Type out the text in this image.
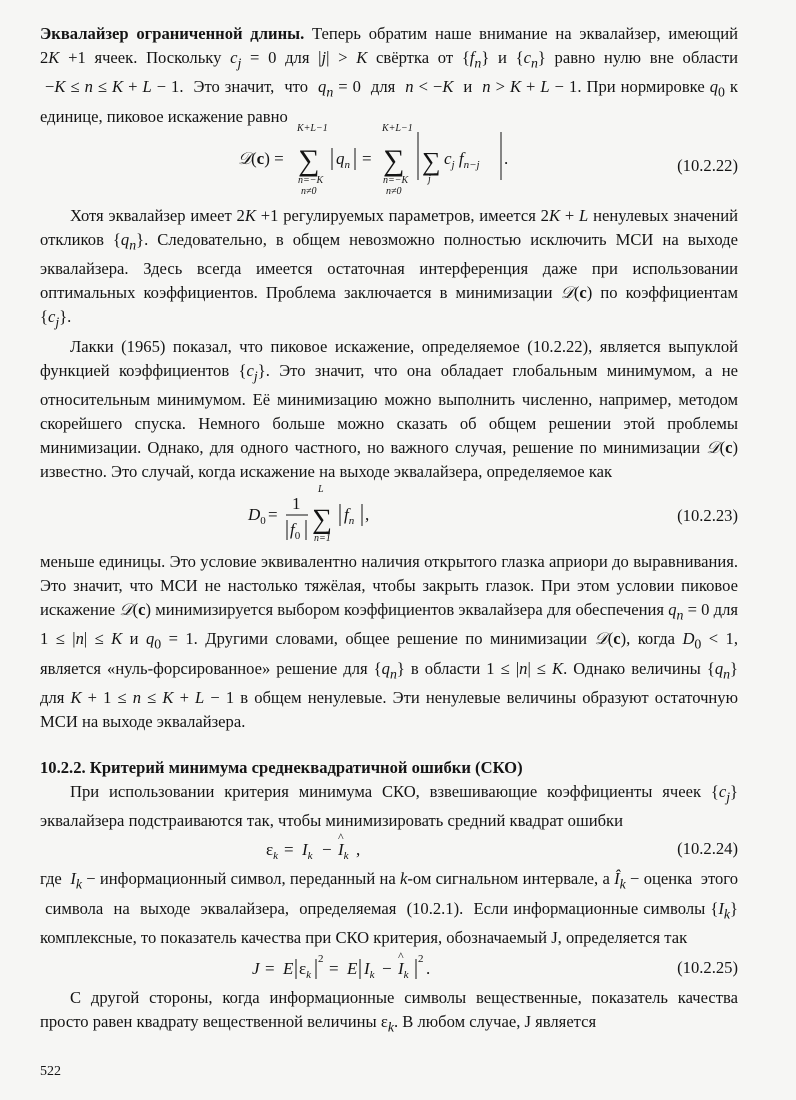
Эквалайзер ограниченной длины. Теперь обратим наше внимание на эквалайзер, имеющий 2K +1 ячеек. Поскольку $c_j = 0$ для |j| > K свёртка от $\{f_n\}$ и $\{c_n\}$ равно нулю вне области  −K ≤ n ≤ K + L − 1.  Это значит,  что  $q_n = 0$  для  n < −K  и  n > K + L − 1. При нормировке $q_0$ к единице, пиковое искажение равно

𝒟 (c) =
K+L−1
∑
n=−K
n≠0
$q_n$ =
K+L−1
∑
n=−K
n≠0
∑
j
$c_j$ $f_{n-j}$ .	(10.2.22)

Хотя эквалайзер имеет 2K +1 регулируемых параметров, имеется 2K + L ненулевых значений откликов $\{q_n\}$. Следовательно, в общем невозможно полностью исключить МСИ на выходе эквалайзера. Здесь всегда имеется остаточная интерференция даже при использовании оптимальных коэффициентов. Проблема заключается в минимизации 𝒟(c) по коэффициентам $\{c_j\}$.

Лакки (1965) показал, что пиковое искажение, определяемое (10.2.22), является выпуклой функцией коэффициентов $\{c_j\}$. Это значит, что она обладает глобальным минимумом, а не относительным минимумом. Её минимизацию можно выполнить численно, например, методом скорейшего спуска. Немного больше можно сказать об общем решении этой проблемы минимизации. Однако, для одного частного, но важного случая, решение по минимизации 𝒟(c) известно. Это случай, когда искажение на выходе эквалайзера, определяемое как

$D_0$ =
1
$f_0$
L
∑
n=1
$f_n$ ,	(10.2.23)

меньше единицы. Это условие эквивалентно наличия открытого глазка априори до выравнивания. Это значит, что МСИ не настолько тяжёлая, чтобы закрыть глазок. При этом условии пиковое искажение 𝒟(c) минимизируется выбором коэффициентов эквалайзера для обеспечения $q_n = 0$ для 1 ≤ |n| ≤ K и $q_0 = 1$. Другими словами, общее решение по минимизации 𝒟(c), когда $D_0 < 1$, является «нуль-форсированное» решение для $\{q_n\}$ в области 1 ≤ |n| ≤ K. Однако величины $\{q_n\}$ для K + 1 ≤ n ≤ K + L − 1 в общем ненулевые. Эти ненулевые величины образуют остаточную МСИ на выходе эквалайзера.

10.2.2. Критерий минимума среднеквадратичной ошибки (СКО)

При использовании критерия минимума СКО, взвешивающие коэффициенты ячеек $\{c_j\}$ эквалайзера подстраиваются так, чтобы минимизировать средний квадрат ошибки

$\varepsilon_k = I_k - I_k$
^
,	(10.2.24)

где  $I_k$ − информационный символ, переданный на k-ом сигнальном интервале, а $Î_k$ − оценка  этого  символа  на  выходе  эквалайзера,  определяемая  (10.2.1).  Если информационные символы $\{I_k\}$ комплексные, то показатель качества при СКО критерия, обозначаемый J, определяется так

J = E $\varepsilon_k$
2 = E $I_k - I_k$
^ 2 .	(10.2.25)

С другой стороны, когда информационные символы вещественные, показатель качества просто равен квадрату вещественной величины $\varepsilon_k$. В любом случае, J является

522
